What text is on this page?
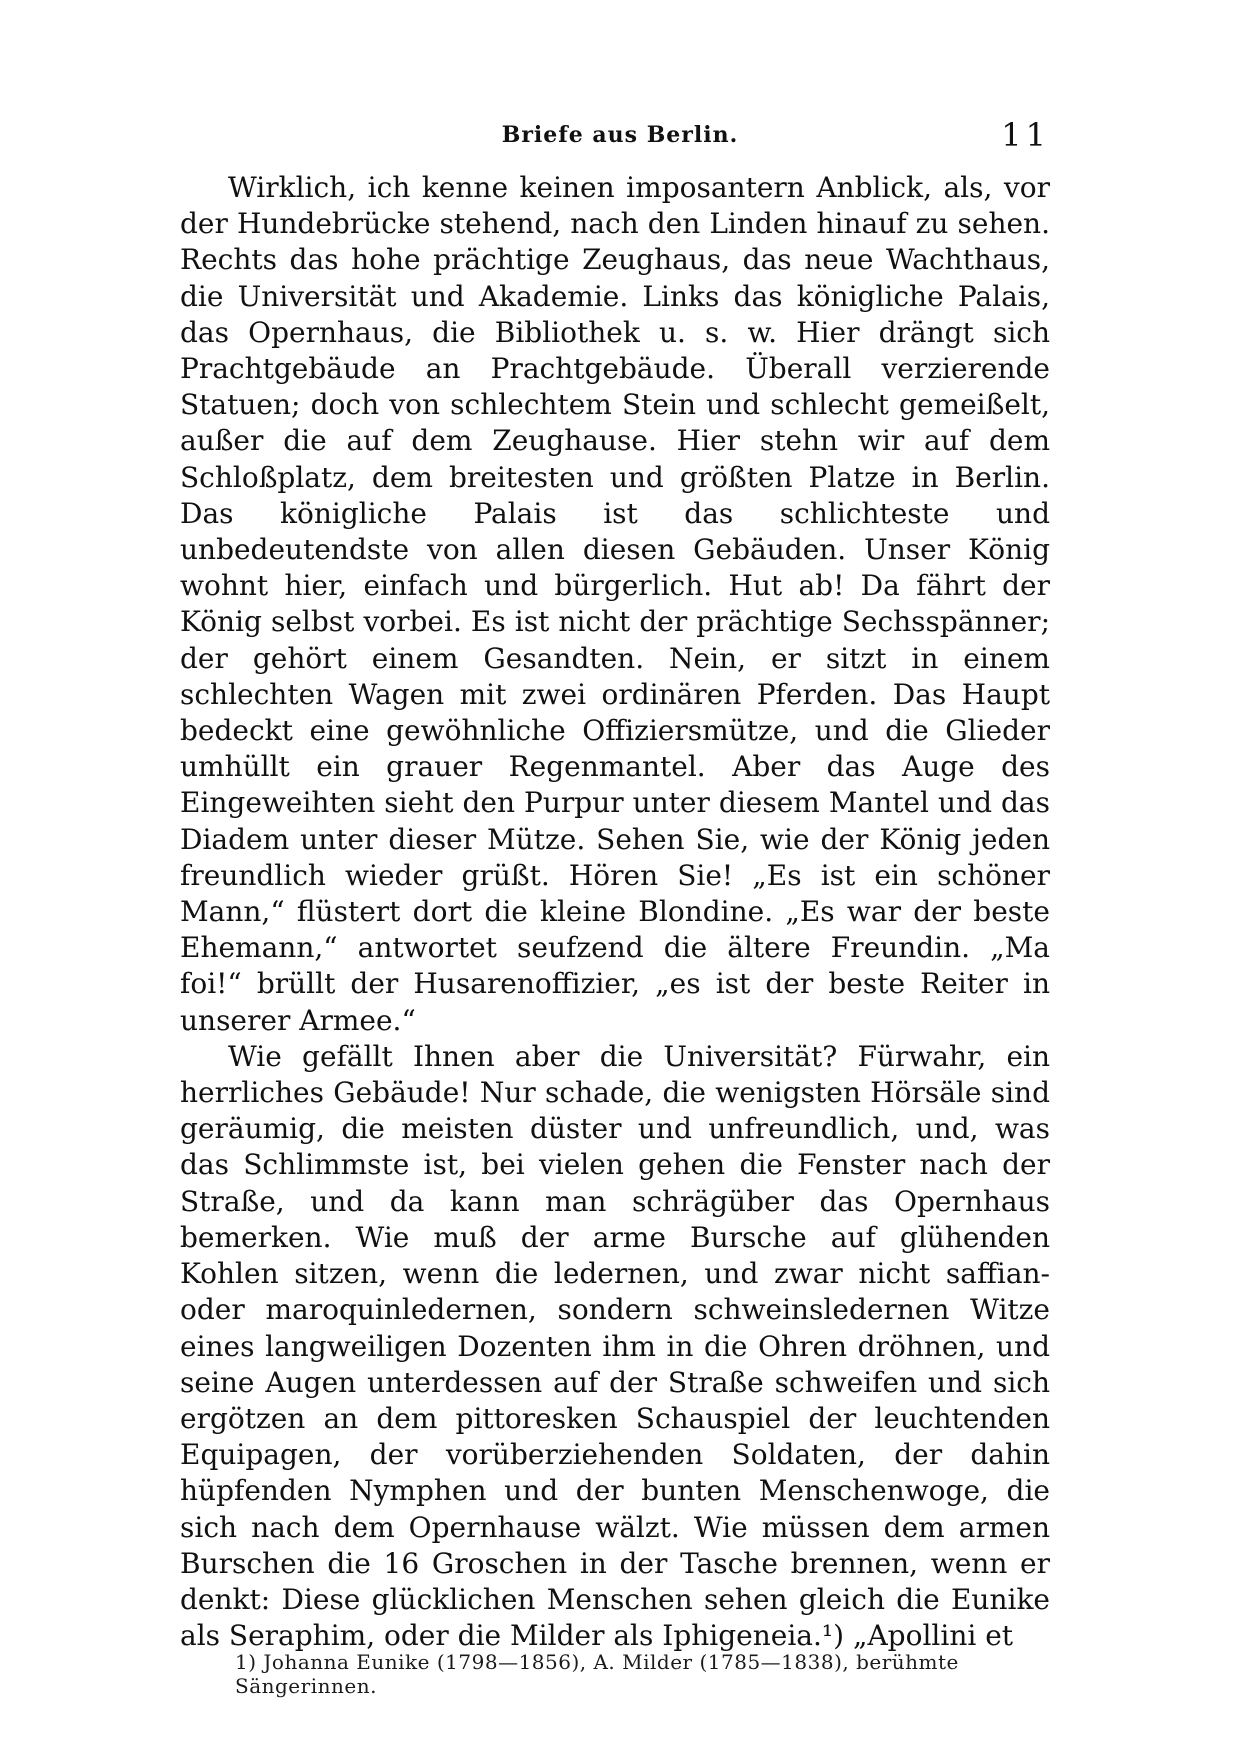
Briefe aus Berlin.	11

Wirklich, ich kenne keinen imposantern Anblick, als, vor der Hundebrücke stehend, nach den Linden hinauf zu sehen. Rechts das hohe prächtige Zeughaus, das neue Wachthaus, die Universität und Akademie. Links das königliche Palais, das Opernhaus, die Bibliothek u. s. w. Hier drängt sich Prachtgebäude an Prachtgebäude. Überall verzierende Statuen; doch von schlechtem Stein und schlecht gemeißelt, außer die auf dem Zeughause. Hier stehn wir auf dem Schloßplatz, dem breitesten und größten Platze in Berlin. Das königliche Palais ist das schlichteste und unbedeutendste von allen diesen Gebäuden. Unser König wohnt hier, einfach und bürgerlich. Hut ab! Da fährt der König selbst vorbei. Es ist nicht der prächtige Sechsspänner; der gehört einem Gesandten. Nein, er sitzt in einem schlechten Wagen mit zwei ordinären Pferden. Das Haupt bedeckt eine gewöhnliche Offiziersmütze, und die Glieder umhüllt ein grauer Regenmantel. Aber das Auge des Eingeweihten sieht den Purpur unter diesem Mantel und das Diadem unter dieser Mütze. Sehen Sie, wie der König jeden freundlich wieder grüßt. Hören Sie! „Es ist ein schöner Mann,“ flüstert dort die kleine Blondine. „Es war der beste Ehemann,“ antwortet seufzend die ältere Freundin. „Ma foi!“ brüllt der Husarenoffizier, „es ist der beste Reiter in unserer Armee.“

Wie gefällt Ihnen aber die Universität? Fürwahr, ein herrliches Gebäude! Nur schade, die wenigsten Hörsäle sind geräumig, die meisten düster und unfreundlich, und, was das Schlimmste ist, bei vielen gehen die Fenster nach der Straße, und da kann man schrägüber das Opernhaus bemerken. Wie muß der arme Bursche auf glühenden Kohlen sitzen, wenn die ledernen, und zwar nicht saffian- oder maroquinledernen, sondern schweinsledernen Witze eines langweiligen Dozenten ihm in die Ohren dröhnen, und seine Augen unterdessen auf der Straße schweifen und sich ergötzen an dem pittoresken Schauspiel der leuchtenden Equipagen, der vorüberziehenden Soldaten, der dahin hüpfenden Nymphen und der bunten Menschenwoge, die sich nach dem Opernhause wälzt. Wie müssen dem armen Burschen die 16 Groschen in der Tasche brennen, wenn er denkt: Diese glücklichen Menschen sehen gleich die Eunike als Seraphim, oder die Milder als Iphigeneia.¹) „Apollini et

1) Johanna Eunike (1798—1856), A. Milder (1785—1838), berühmte Sängerinnen.
